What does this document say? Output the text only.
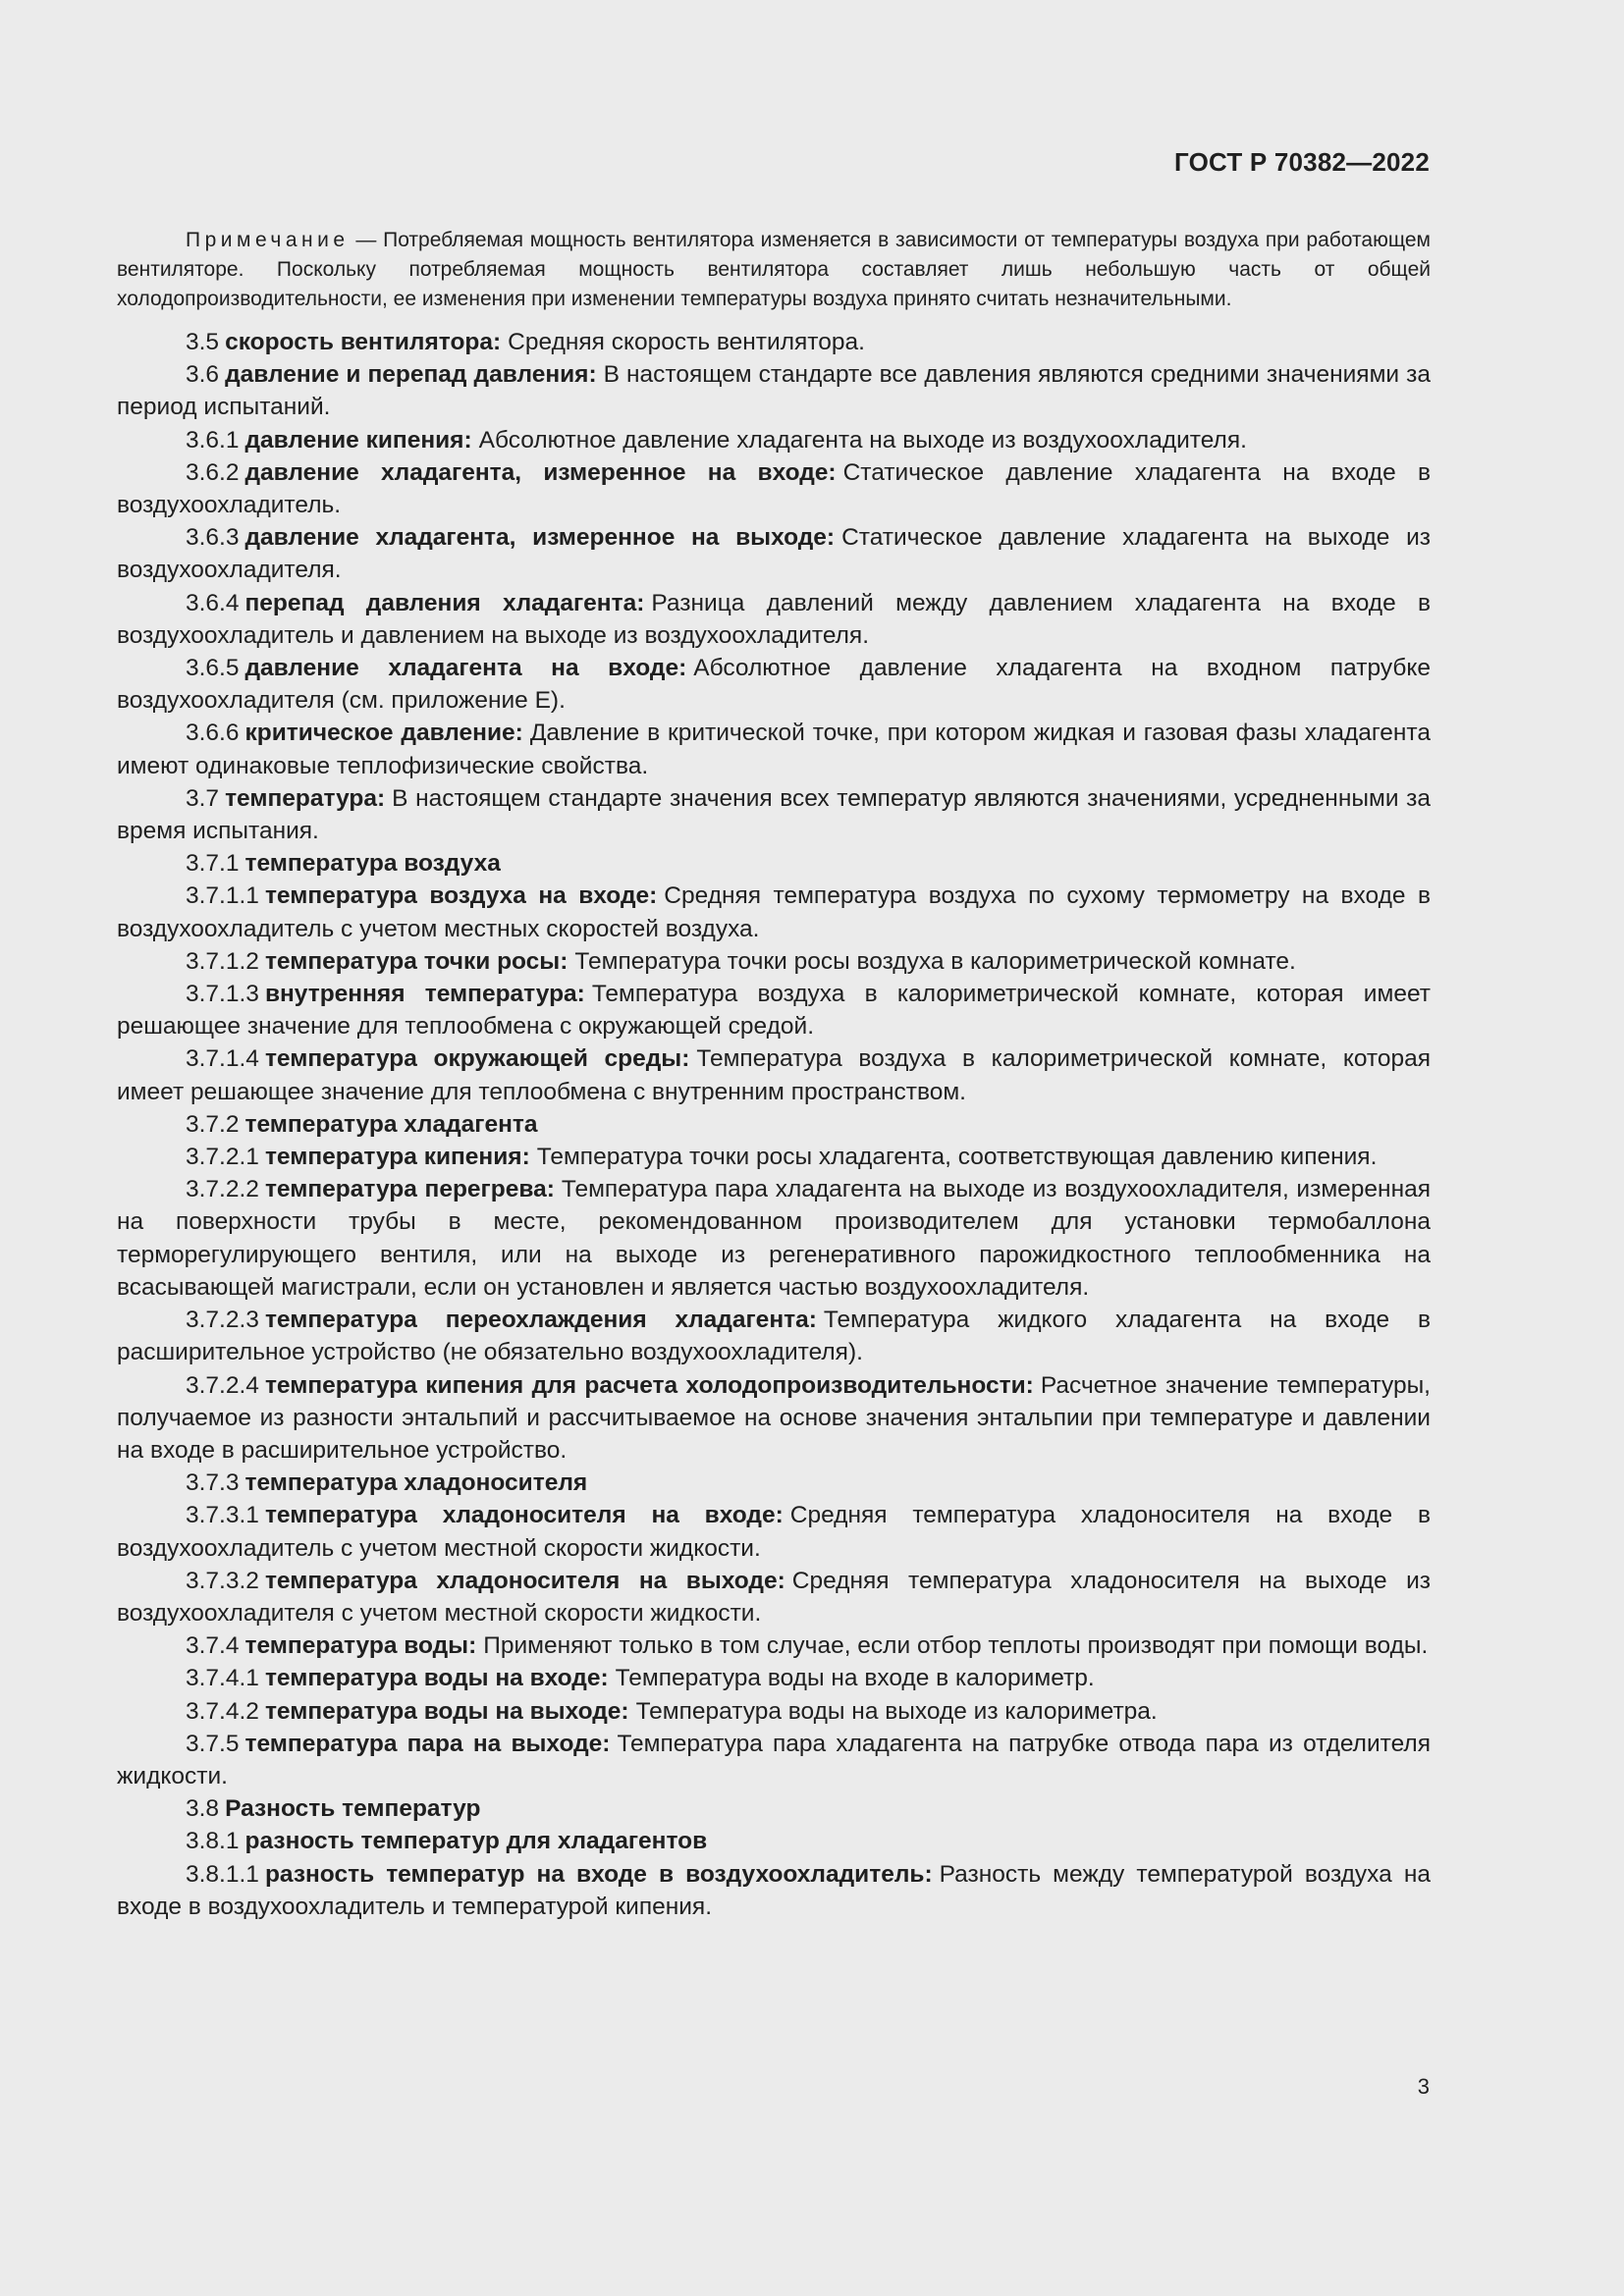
ГОСТ Р 70382—2022

Примечание — Потребляемая мощность вентилятора изменяется в зависимости от температуры воздуха при работающем вентиляторе. Поскольку потребляемая мощность вентилятора составляет лишь небольшую часть от общей холодопроизводительности, ее изменения при изменении температуры воздуха принято считать незначительными.

3.5 скорость вентилятора: Средняя скорость вентилятора.

3.6 давление и перепад давления: В настоящем стандарте все давления являются средними значениями за период испытаний.

3.6.1 давление кипения: Абсолютное давление хладагента на выходе из воздухоохладителя.

3.6.2 давление хладагента, измеренное на входе: Статическое давление хладагента на входе в воздухоохладитель.

3.6.3 давление хладагента, измеренное на выходе: Статическое давление хладагента на выходе из воздухоохладителя.

3.6.4 перепад давления хладагента: Разница давлений между давлением хладагента на входе в воздухоохладитель и давлением на выходе из воздухоохладителя.

3.6.5 давление хладагента на входе: Абсолютное давление хладагента на входном патрубке воздухоохладителя (см. приложение Е).

3.6.6 критическое давление: Давление в критической точке, при котором жидкая и газовая фазы хладагента имеют одинаковые теплофизические свойства.

3.7 температура: В настоящем стандарте значения всех температур являются значениями, усредненными за время испытания.

3.7.1 температура воздуха

3.7.1.1 температура воздуха на входе: Средняя температура воздуха по сухому термометру на входе в воздухоохладитель с учетом местных скоростей воздуха.

3.7.1.2 температура точки росы: Температура точки росы воздуха в калориметрической комнате.

3.7.1.3 внутренняя температура: Температура воздуха в калориметрической комнате, которая имеет решающее значение для теплообмена с окружающей средой.

3.7.1.4 температура окружающей среды: Температура воздуха в калориметрической комнате, которая имеет решающее значение для теплообмена с внутренним пространством.

3.7.2 температура хладагента

3.7.2.1 температура кипения: Температура точки росы хладагента, соответствующая давлению кипения.

3.7.2.2 температура перегрева: Температура пара хладагента на выходе из воздухоохладителя, измеренная на поверхности трубы в месте, рекомендованном производителем для установки термобаллона терморегулирующего вентиля, или на выходе из регенеративного парожидкостного теплообменника на всасывающей магистрали, если он установлен и является частью воздухоохладителя.

3.7.2.3 температура переохлаждения хладагента: Температура жидкого хладагента на входе в расширительное устройство (не обязательно воздухоохладителя).

3.7.2.4 температура кипения для расчета холодопроизводительности: Расчетное значение температуры, получаемое из разности энтальпий и рассчитываемое на основе значения энтальпии при температуре и давлении на входе в расширительное устройство.

3.7.3 температура хладоносителя

3.7.3.1 температура хладоносителя на входе: Средняя температура хладоносителя на входе в воздухоохладитель с учетом местной скорости жидкости.

3.7.3.2 температура хладоносителя на выходе: Средняя температура хладоносителя на выходе из воздухоохладителя с учетом местной скорости жидкости.

3.7.4 температура воды: Применяют только в том случае, если отбор теплоты производят при помощи воды.

3.7.4.1 температура воды на входе: Температура воды на входе в калориметр.

3.7.4.2 температура воды на выходе: Температура воды на выходе из калориметра.

3.7.5 температура пара на выходе: Температура пара хладагента на патрубке отвода пара из отделителя жидкости.

3.8 Разность температур

3.8.1 разность температур для хладагентов

3.8.1.1 разность температур на входе в воздухоохладитель: Разность между температурой воздуха на входе в воздухоохладитель и температурой кипения.

3
